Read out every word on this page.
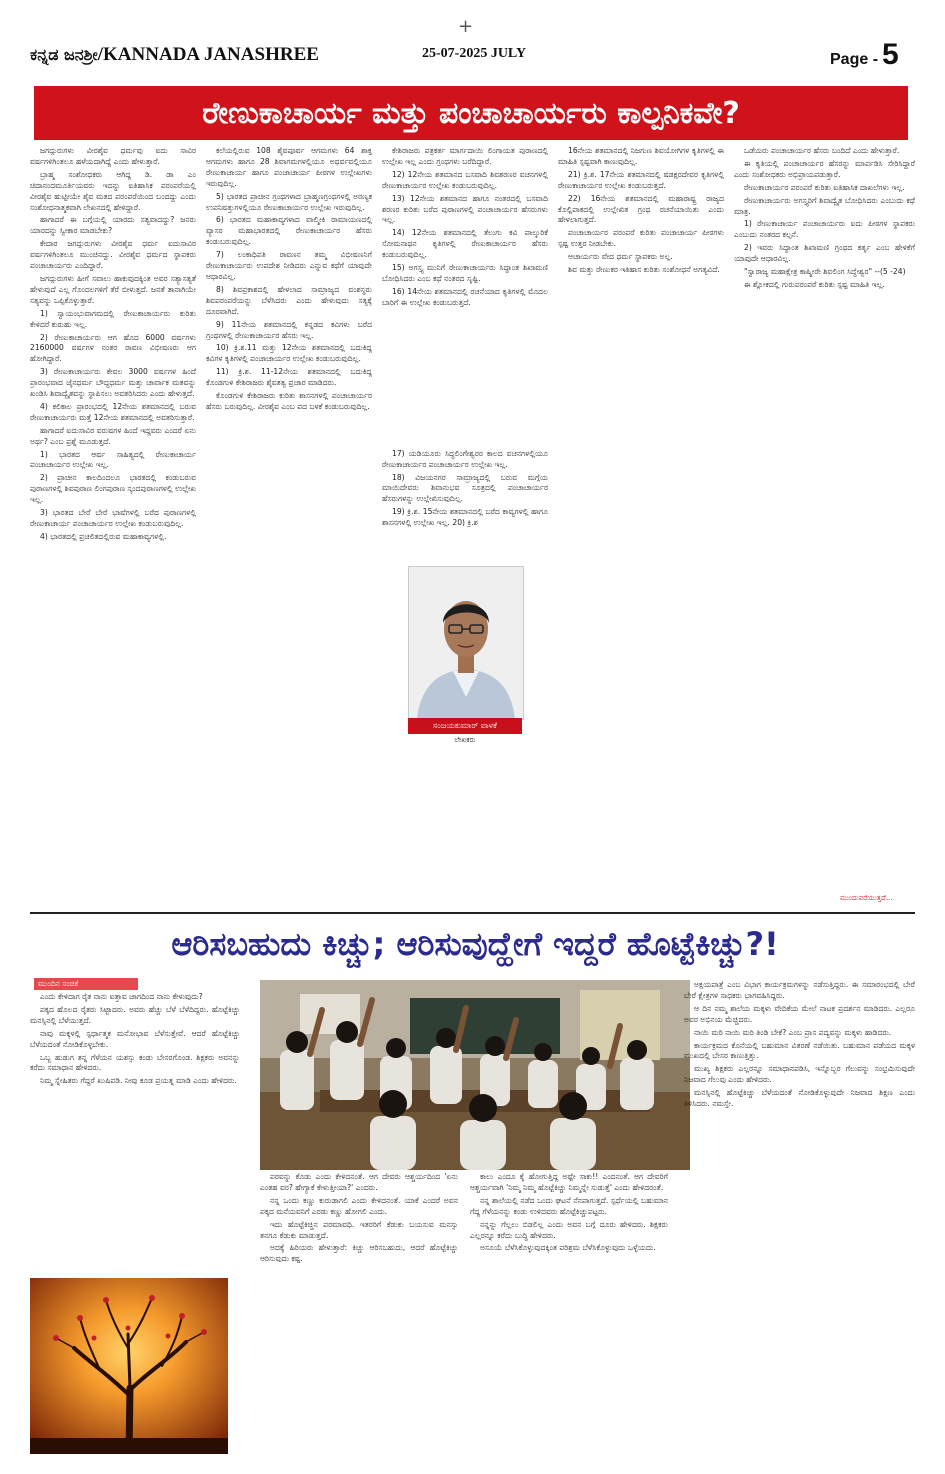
+
ಕನ್ನಡ ಜನಶ್ರೀ/KANNADA JANASHREE	25-07-2025 JULY	Page - 5
ರೇಣುಕಾಚಾರ್ಯ ಮತ್ತು ಪಂಚಾಚಾರ್ಯರು ಕಾಲ್ಪನಿಕವೇ?

ಜಗದ್ಗುರುಗಳು ವೀರಶೈವ ಧರ್ಮವು ಐದು ಸಾವಿರ ವರ್ಷಗಳಿಗಿಂತಲೂ ಹಳೆಯದಾಗಿದ್ದೆ ಎಂದು ಹೇಳುತ್ತಾರೆ.

ಬ್ರಾಹ್ಮ ಸಂಶೋಧಕರು ಆಗಿದ್ದ ಡಿ. ಡಾ ಎಂ ಚಿದಾನಂದಮೂರ್ತಿಯವರು ಇದನ್ನು ಐತಿಹಾಸಿಕ ಪರಂಪರೆಯಲ್ಲಿ ವೀರಶೈವ ಹುಟ್ಟೀಯೇ ಶೈವ ಮತದ ಪರಂಪರೆಯಿಂದ ಬಂದದ್ದು ಎಂದು ಸಂಶೋಧನಾತ್ಮಕವಾಗಿ ಲೇಖನದಲ್ಲಿ ಹೇಳಿದ್ದಾರೆ.

ಹಾಗಾದರೆ ಈ ಬಗ್ಗೆಯಲ್ಲಿ ಯಾರದು ಸತ್ಯವಾದದ್ದು? ಜನರು ಯಾರದನ್ನು ಸ್ವೀಕಾರ ಮಾಡಬೇಕು?

ಕೇದಾರ ಜಗದ್ಗುರುಗಳು ವೀರಶೈವ ಧರ್ಮ ಐದುಸಾವಿರ ವರ್ಷಗಳಿಗಿಂತಲೂ ಮುಂಚಿನದ್ದು. ವೀರಶೈವ ಧರ್ಮದ ಸ್ಥಾಪಕರು ಪಂಚಾಚಾರ್ಯರು ಎಂದಿದ್ದಾರೆ.

ಜಗದ್ಗುರುಗಳು ಹೀಗೆ ಸವಾಲು ಹಾಕುವುದಕ್ಕಿಂತ ಅವರ ಸತ್ಯಾಸತ್ಯತೆ ಹೇಳುವುದೆ ಎಲ್ಲ ಗೊಂದಲಗಳಿಗೆ ತೆರೆ ಬೀಳುತ್ತದೆ. ಜನತೆ ತಾನಾಗಿಯೇ ಸತ್ಯವನ್ನು ಒಪ್ಪಿಕೊಳ್ಳುತ್ತಾರೆ.

1) ಸ್ವಾಯಂಭುವಾಗಮದಲ್ಲಿ ರೇಣುಕಾಚಾರ್ಯರು ಕುರಿತು ಕೇಳಿದರೆ ಕುರುಹು ಇಲ್ಲ.

2) ರೇಣುಕಾಚಾರ್ಯರು ಆಗ ಹೊದ 6000 ವರ್ಷಗಳು 2160000 ವರ್ಷಗಳ ನಂತರ ರಾವಣ ವಿಭೀಷಣರು ಆಗ ಹೋಗಿದ್ದಾರೆ.

3) ರೇಣುಕಾಚಾರ್ಯರು ಕೇವಲ 3000 ವರ್ಷಗಳ ಹಿಂದೆ ಪ್ರಾರಂಭವಾದ ಜೈನಧರ್ಮ ಬೌದ್ಧಧರ್ಮ ಮತ್ತು ಚಾರ್ವಾಕ ಮತವನ್ನು ಖಂಡಿಸಿ ಶಿವಾದ್ವೈತವನ್ನು ಸ್ಥಾಪಿಸಲು ಅವತರಿಸಿದರು ಎಂದು ಹೇಳುತ್ತದೆ.

4) ಕಲಿಕಾಲ ಪ್ರಾರಂಭದಲ್ಲಿ 12ನೇಯ ಶತಮಾನದಲ್ಲಿ ಬರುವ ರೇಣುಕಾಚಾರ್ಯರು ಮತ್ತೆ 12ನೇಯ ಶತಮಾನದಲ್ಲಿ ಅವತರಿಸುತ್ತಾರೆ.

ಹಾಗಾದರೆ ಐದುಸಾವಿರ ವರುಷಗಳ ಹಿಂದೆ ಇದ್ದವರು ಎಂದರೆ ಏನು ಅರ್ಥ? ಎಂಬ ಪ್ರಶ್ನೆ ಮೂಡುತ್ತದೆ.

1) ಭಾರತದ ಆರ್ಷ ಸಾಹಿತ್ಯದಲ್ಲಿ ರೇಣುಕಾಚಾರ್ಯ ಪಂಚಾಚಾರ್ಯರ ಉಲ್ಲೇಖ ಇಲ್ಲ.

2) ಪ್ರಾಚೀನ ಕಾಲದಿಂದಲೂ ಭಾರತದಲ್ಲಿ ಕಂಡುಬರುವ ಪುರಾಣಗಳಲ್ಲಿ ಶಿವಪುರಾಣ ಲಿಂಗಪುರಾಣ ಸ್ಕಂದಪುರಾಣಗಳಲ್ಲಿ ಉಲ್ಲೇಖ ಇಲ್ಲ.

3) ಭಾರತದ ಬೇರೆ ಬೇರೆ ಭಾಷೆಗಳಲ್ಲಿ ಬರೆದ ಪುರಾಣಗಳಲ್ಲಿ ರೇಣುಕಾಚಾರ್ಯ ಪಂಚಾಚಾರ್ಯರ ಉಲ್ಲೇಖ ಕಂಡುಬರುವುದಿಲ್ಲ.

4) ಭಾರತದಲ್ಲಿ ಪ್ರಚಲಿತದಲ್ಲಿರುವ ಮಹಾಕಾವ್ಯಗಳಲ್ಲಿ.

ಕಲೆಯಲ್ಲಿರುವ 108 ಶೈವಪೂರ್ವ ಆಗಮಗಳು 64 ಶಾಕ್ತ ಆಗಮಗಳು ಹಾಗೂ 28 ಶಿವಾಗಮಗಳಲ್ಲಿಯೂ ಅಥರ್ವವಲ್ಲಿಯೂ ರೇಣುಕಾಚಾರ್ಯ ಹಾಗೂ ಪಂಚಾಚಾರ್ಯ ಪೀಠಗಳ ಉಲ್ಲೇಖಗಳು ಇರುವುದಿಲ್ಲ.

5) ಭಾರತದ ಪ್ರಾಚೀನ ಗ್ರಂಥಗಳಾದ ಬ್ರಾಹ್ಮಣಗ್ರಂಥಗಳಲ್ಲಿ ಅರಣ್ಯಕ ಉಪನಿಷತ್ತುಗಳಲ್ಲಿಯೂ ರೇಣುಕಾಚಾರ್ಯರ ಉಲ್ಲೇಖ ಇರುವುದಿಲ್ಲ.

6) ಭಾರತದ ಮಹಾಕಾವ್ಯಗಳಾದ ವಾಲ್ಮೀಕಿ ರಾಮಾಯಣದಲ್ಲಿ ವ್ಯಾಸರ ಮಹಾಭಾರತದಲ್ಲಿ ರೇಣುಕಾಚಾರ್ಯರ ಹೆಸರು ಕಂಡುಬರುವುದಿಲ್ಲ.

7) ಲಂಕಾಧಿಪತಿ ರಾವಣನ ತಮ್ಮ ವಿಭೀಷಣನಿಗೆ ರೇಣುಕಾಚಾರ್ಯರು ಉಪದೇಶ ನೀಡಿದರು ಎನ್ನುವ ಕಥೆಗೆ ಯಾವುದೇ ಆಧಾರವಿಲ್ಲ.

8) ಶಿವಪ್ರಕಾಶದಲ್ಲಿ ಹೇಳಲಾದ ಸಾಮ್ರಾಜ್ಯದ ವಂಶಸ್ಥರು ಶಿವಪರಂಪರೆಯನ್ನು ಬೆಳೆಸಿದರು ಎಂದು ಹೇಳುವುದು ಸತ್ಯಕ್ಕೆ ದೂರವಾಗಿದೆ.

9) 11ನೇಯ ಶತಮಾನದಲ್ಲಿ ಕನ್ನಡದ ಕವಿಗಳು ಬರೆದ ಗ್ರಂಥಗಳಲ್ಲಿ ರೇಣುಕಾಚಾರ್ಯರ ಹೆಸರು ಇಲ್ಲ.

10) ಕ್ರಿ.ಶ.11 ಮತ್ತು 12ನೇಯ ಶತಮಾನದಲ್ಲಿ ಬದುಕಿದ್ದ ಕವಿಗಳ ಕೃತಿಗಳಲ್ಲಿ ಪಂಚಾಚಾರ್ಯರ ಉಲ್ಲೇಖ ಕಂಡುಬರುವುದಿಲ್ಲ.

11) ಕ್ರಿ.ಶ. 11-12ನೇಯ ಶತಮಾನದಲ್ಲಿ ಬದುಕಿದ್ದ ಕೊಂಡಗುಳಿ ಕೇಶಿರಾಜರು ಶೈವತತ್ವ ಪ್ರಚಾರ ಮಾಡಿದರು.

ಕೊಂಡಗುಳಿ ಕೇಶಿರಾಜರು ಕುರಿತು ಶಾಸನಗಳಲ್ಲಿ ಪಂಚಾಚಾರ್ಯರ ಹೆಸರು ಬರುವುದಿಲ್ಲ. ವೀರಶೈವ ಎಂಬ ಪದ ಬಳಕೆ ಕಂಡುಬರುವುದಿಲ್ಲ.

ಕೇಶಿರಾಜರು ಪತ್ರಕರ್ತ ಮಾರ್ಗದಾಯಿ ಲಿಂಗಾಯತ ಪುರಾಣದಲ್ಲಿ ಉಲ್ಲೇಖ ಇಲ್ಲ ಎಂದು ಗ್ರಂಥಗಳು ಬರೆದಿದ್ದಾರೆ.

12) 12ನೇಯ ಶತಮಾನದ ಬಸವಾದಿ ಶಿವಶರಣರ ವಚನಗಳಲ್ಲಿ ರೇಣುಕಾಚಾರ್ಯರ ಉಲ್ಲೇಖ ಕಂಡುಬರುವುದಿಲ್ಲ.

13) 12ನೇಯ ಶತಮಾನದ ಹಾಗೂ ನಂತರದಲ್ಲಿ ಬಸವಾದಿ ಶರಣರ ಕುರಿತು ಬರೆದ ಪುರಾಣಗಳಲ್ಲಿ ಪಂಚಾಚಾರ್ಯರ ಹೆಸರುಗಳು ಇಲ್ಲ.

14) 12ನೇಯ ಶತಮಾನದಲ್ಲಿ ತೆಲುಗು ಕವಿ ಪಾಲ್ಕುರಿಕೆ ಸೋಮನಾಥನ ಕೃತಿಗಳಲ್ಲಿ ರೇಣುಕಾಚಾರ್ಯರ ಹೆಸರು ಕಂಡುಬರುವುದಿಲ್ಲ.

15) ಅಗಸ್ತ್ಯ ಮುನಿಗೆ ರೇಣುಕಾಚಾರ್ಯರು ಸಿದ್ಧಾಂತ ಶಿಖಾಮಣಿ ಬೋಧಿಸಿದರು ಎಂಬ ಕಥೆ ನಂತರದ ಸೃಷ್ಟಿ.

16) 14ನೇಯ ಶತಮಾನದಲ್ಲಿ ರಚನೆಯಾದ ಕೃತಿಗಳಲ್ಲಿ ಮೊದಲ ಬಾರಿಗೆ ಈ ಉಲ್ಲೇಖ ಕಂಡುಬರುತ್ತದೆ.

17) ಯಡಿಯೂರು ಸಿದ್ಧಲಿಂಗೇಶ್ವರರ ಕಾಲದ ವಚನಗಳಲ್ಲಿಯೂ ರೇಣುಕಾಚಾರ್ಯರ ಪಂಚಾಚಾರ್ಯರ ಉಲ್ಲೇಖ ಇಲ್ಲ.

18) ವಿಜಯನಗರ ಸಾಮ್ರಾಜ್ಯದಲ್ಲಿ ಬರುವ ಮಗ್ಗೆಯ ಮಾಯಿದೇವರು ಶಿವಾನುಭವ ಸೂತ್ರದಲ್ಲಿ ಪಂಚಾಚಾರ್ಯರ ಹೆಸರುಗಳನ್ನು ಉಲ್ಲೇಖಿಸುವುದಿಲ್ಲ.

19) ಕ್ರಿ.ಶ. 15ನೇಯ ಶತಮಾನದಲ್ಲಿ ಬರೆದ ಕಾವ್ಯಗಳಲ್ಲಿ ಹಾಗೂ ಶಾಸನಗಳಲ್ಲಿ ಉಲ್ಲೇಖ ಇಲ್ಲ. 20) ಕ್ರಿ.ಶ

16ನೇಯ ಶತಮಾನದಲ್ಲಿ ನಿಜಗುಣ ಶಿವಯೋಗಿಗಳ ಕೃತಿಗಳಲ್ಲಿ ಈ ಮಾಹಿತಿ ಸ್ಪಷ್ಟವಾಗಿ ಕಾಣುವುದಿಲ್ಲ.

21) ಕ್ರಿ.ಶ. 17ನೇಯ ಶತಮಾನದಲ್ಲಿ ಷಡಕ್ಷರದೇವರ ಕೃತಿಗಳಲ್ಲಿ ರೇಣುಕಾಚಾರ್ಯರ ಉಲ್ಲೇಖ ಕಂಡುಬರುತ್ತದೆ.

22) 16ನೇಯ ಶತಮಾನದಲ್ಲಿ ಮಹಾರಾಷ್ಟ್ರ ರಾಜ್ಯದ ಕೊಲ್ಲಿಪಾಕದಲ್ಲಿ ಉಲ್ಲೇಖಿತ ಗ್ರಂಥ ರಚನೆಯಾಯಿತು ಎಂದು ಹೇಳಲಾಗುತ್ತದೆ.

ಪಂಚಾಚಾರ್ಯರ ಪರಂಪರೆ ಕುರಿತು ಪಂಚಾಚಾರ್ಯ ಪೀಠಗಳು ಸ್ಪಷ್ಟ ಉತ್ತರ ನೀಡಬೇಕು.

ಆಚಾರ್ಯರು ವೇದ ಧರ್ಮ ಸ್ಥಾಪಕರು ಅಲ್ಲ.

ಶಿವ ಮತ್ತು ರೇಣುಕರ ಇತಿಹಾಸ ಕುರಿತು ಸಂಶೋಧನೆ ಅಗತ್ಯವಿದೆ.

ಒಡೆಯರು ಪಂಚಾಚಾರ್ಯರ ಹೆಸರು ಬಂದಿದೆ ಎಂದು ಹೇಳುತ್ತಾರೆ.

ಈ ಕೃತಿಯಲ್ಲಿ ಪಂಚಾಚಾರ್ಯರ ಹೆಸರನ್ನು ಮಾರ್ಪಡಿಸಿ ಸೇರಿಸಿದ್ದಾರೆ ಎಂದು ಸಂಶೋಧಕರು ಅಭಿಪ್ರಾಯಪಡುತ್ತಾರೆ.

ರೇಣುಕಾಚಾರ್ಯರ ಪರಂಪರೆ ಕುರಿತು ಐತಿಹಾಸಿಕ ದಾಖಲೆಗಳು ಇಲ್ಲ.

ರೇಣುಕಾಚಾರ್ಯರು ಅಗಸ್ತ್ಯರಿಗೆ ಶಿವಾದ್ವೈತ ಬೋಧಿಸಿದರು ಎಂಬುದು ಕಥೆ ಮಾತ್ರ.

1) ರೇಣುಕಾಚಾರ್ಯ ಪಂಚಾಚಾರ್ಯರು ಐದು ಪೀಠಗಳ ಸ್ಥಾಪಕರು ಎಂಬುದು ನಂತರದ ಕಲ್ಪನೆ.

2) ಇವರು ಸಿದ್ಧಾಂತ ಶಿಖಾಮಣಿ ಗ್ರಂಥದ ಕರ್ತೃ ಎಂಬ ಹೇಳಿಕೆಗೆ ಯಾವುದೇ ಆಧಾರವಿಲ್ಲ.

"ಸ್ವಾರಾಜ್ಯ ಮಹಾಕ್ಷೇತ್ರ ಕಾಷ್ಮೀರೇ ಶಿವಲಿಂಗ ಸಿದ್ಧೇಶ್ವರ" --(5 -24)

ಈ ಶ್ಲೋಕದಲ್ಲಿ ಗುರುಪರಂಪರೆ ಕುರಿತು ಸ್ಪಷ್ಟ ಮಾಹಿತಿ ಇಲ್ಲ.

ಸಂಜಯಕುಮಾರ್ ವಾಳಕೆ
ಲೇಖಕರು
ಮುಂದುವರೆಯುತ್ತದೆ...
ಆರಿಸಬಹುದು ಕಿಚ್ಚು; ಆರಿಸುವುದ್ಹೇಗೆ ಇದ್ದರೆ ಹೊಟ್ಟೆಕಿಚ್ಚು?!
ಮುಂದಿನ ಸಂಚಿಕೆ

ಎಂದು ಕೇಳಿದಾಗ ರೈತ ನಾನು ಐತ್ತಾವ ಜಾಗದಿಂದ ನಾನು ಕೇಳುವುದು?

ಪಕ್ಕದ ಹೊಲದ ರೈತರು ಸಿಟ್ಟಾದರು. ಅವರು ಹೆಚ್ಚು ಬೆಳೆ ಬೆಳೆದಿದ್ದರು. ಹೊಟ್ಟೆಕಿಚ್ಚು ಮನಸ್ಸಿನಲ್ಲಿ ಬೆಳೆಯುತ್ತದೆ.

ನಾವು ಮಕ್ಕಳಲ್ಲಿ ಸ್ಪರ್ಧಾತ್ಮಕ ಮನೋಭಾವ ಬೆಳೆಸುತ್ತೇವೆ. ಆದರೆ ಹೊಟ್ಟೆಕಿಚ್ಚು ಬೆಳೆಯದಂತೆ ನೋಡಿಕೊಳ್ಳಬೇಕು.

ಒಬ್ಬ ಹುಡುಗ ತನ್ನ ಗೆಳೆಯನ ಯಶಸ್ಸು ಕಂಡು ಬೇಸರಗೊಂಡ. ಶಿಕ್ಷಕರು ಅವನನ್ನು ಕರೆದು ಸಮಾಧಾನ ಹೇಳಿದರು.

ನಿಮ್ಮ ಸ್ನೇಹಿತರು ಗೆದ್ದರೆ ಖುಷಿಪಡಿ. ನೀವು ಕೂಡ ಪ್ರಯತ್ನ ಮಾಡಿ ಎಂದು ಹೇಳಿದರು.

ಪರವನ್ನು ಕೊಡು ಎಂದು ಕೇಳಿದನಂತೆ. ಆಗ ದೇವರು ಆಶ್ಚರ್ಯದಿಂದ 'ಏನು ಎಂತಹ ವರ? ಹೇಗ್ಯಾಕೆ ಕೇಳುತ್ತೀಯಾ?' ಎಂದರು.

ನನ್ನ ಒಂದು ಕಣ್ಣು ಕುರುಡಾಗಲಿ ಎಂದು ಕೇಳಿದನಂತೆ. ಯಾಕೆ ಎಂದರೆ ಅವನ ಪಕ್ಕದ ಮನೆಯವನಿಗೆ ಎರಡು ಕಣ್ಣು ಹೋಗಲಿ ಎಂದು.

ಇದು ಹೊಟ್ಟೆಕಿಚ್ಚಿನ ಪರಮಾವಧಿ. ಇತರರಿಗೆ ಕೆಡುಕು ಬಯಸುವ ಮನಸ್ಸು ತನಗೂ ಕೆಡುಕು ಮಾಡುತ್ತದೆ.

ಅದಕ್ಕೆ ಹಿರಿಯರು ಹೇಳುತ್ತಾರೆ: ಕಿಚ್ಚು ಆರಿಸಬಹುದು, ಆದರೆ ಹೊಟ್ಟೆಕಿಚ್ಚು ಆರಿಸುವುದು ಕಷ್ಟ.

ಕಾಲು ಎಂದೂ ಕೈ ಹೋಗುತ್ತಿದ್ದ ಅಷ್ಟೇ ಸಾಕು!! ಎಂದನಂತೆ. ಆಗ ದೇವರಿಗೆ ಆಶ್ಚರ್ಯವಾಗಿ 'ನಿಮ್ಮ ನಿಮ್ಮ ಹೊಟ್ಟೆಕಿಚ್ಚು ನಿಮ್ಮನ್ನೇ ಸುಡುತ್ತೆ' ಎಂದು ಹೇಳಿದರಂತೆ.

ನನ್ನ ಶಾಲೆಯಲ್ಲಿ ನಡೆದ ಒಂದು ಘಟನೆ ನೆನಪಾಗುತ್ತದೆ. ಸ್ಪರ್ಧೆಯಲ್ಲಿ ಬಹುಮಾನ ಗೆದ್ದ ಗೆಳೆಯನನ್ನು ಕಂಡು ಉಳಿದವರು ಹೊಟ್ಟೆಕಿಚ್ಚುಪಟ್ಟರು.

ನನ್ನನ್ನು ಗೆಲ್ಲಲು ಬಿಡಲಿಲ್ಲ ಎಂದು ಅವನ ಬಗ್ಗೆ ದೂರು ಹೇಳಿದರು. ಶಿಕ್ಷಕರು ಎಲ್ಲರನ್ನೂ ಕರೆದು ಬುದ್ಧಿ ಹೇಳಿದರು.

ಅಸೂಯೆ ಬೆಳೆಸಿಕೊಳ್ಳುವುದಕ್ಕಿಂತ ಪರಿಶ್ರಮ ಬೆಳೆಸಿಕೊಳ್ಳುವುದು ಒಳ್ಳೆಯದು.

ಅಕ್ಷಯಪಾತ್ರೆ ಎಂಬ ವಿಭಾಗ ಕಾರ್ಯಕ್ರಮಗಳನ್ನು ನಡೆಸುತ್ತಿದ್ದರು. ಈ ಸಮಾರಂಭದಲ್ಲಿ ಬೇರೆ ಬೇರೆ ಕ್ಷೇತ್ರಗಳ ಸಾಧಕರು ಭಾಗವಹಿಸಿದ್ದರು.

ಆ ದಿನ ನಮ್ಮ ಶಾಲೆಯ ಮಕ್ಕಳು ವೇದಿಕೆಯ ಮೇಲೆ ನಾಟಕ ಪ್ರದರ್ಶನ ಮಾಡಿದರು. ಎಲ್ಲರೂ ಅವರ ಅಭಿನಯ ಮೆಚ್ಚಿದರು.

ನಾಯಿ ಮರಿ ನಾಯಿ ಮರಿ ತಿಂಡಿ ಬೇಕೆ? ಎಂಬ ಪ್ರಾಸ ಪದ್ಯವನ್ನು ಮಕ್ಕಳು ಹಾಡಿದರು.

ಕಾರ್ಯಕ್ರಮದ ಕೊನೆಯಲ್ಲಿ ಬಹುಮಾನ ವಿತರಣೆ ನಡೆಯಿತು. ಬಹುಮಾನ ಪಡೆಯದ ಮಕ್ಕಳ ಮುಖದಲ್ಲಿ ಬೇಸರ ಕಾಣುತ್ತಿತ್ತು.

ಮುಖ್ಯ ಶಿಕ್ಷಕರು ಎಲ್ಲರನ್ನೂ ಸಮಾಧಾನಪಡಿಸಿ, ಇನ್ನೊಬ್ಬರ ಗೆಲುವನ್ನು ಸಂಭ್ರಮಿಸುವುದೇ ನಿಜವಾದ ಗೆಲುವು ಎಂದು ಹೇಳಿದರು.

ಮನಸ್ಸಿನಲ್ಲಿ ಹೊಟ್ಟೆಕಿಚ್ಚು ಬೆಳೆಯದಂತೆ ನೋಡಿಕೊಳ್ಳುವುದೇ ನಿಜವಾದ ಶಿಕ್ಷಣ ಎಂದು ತಿಳಿಸಿದರು. ನಮಸ್ತೇ.
